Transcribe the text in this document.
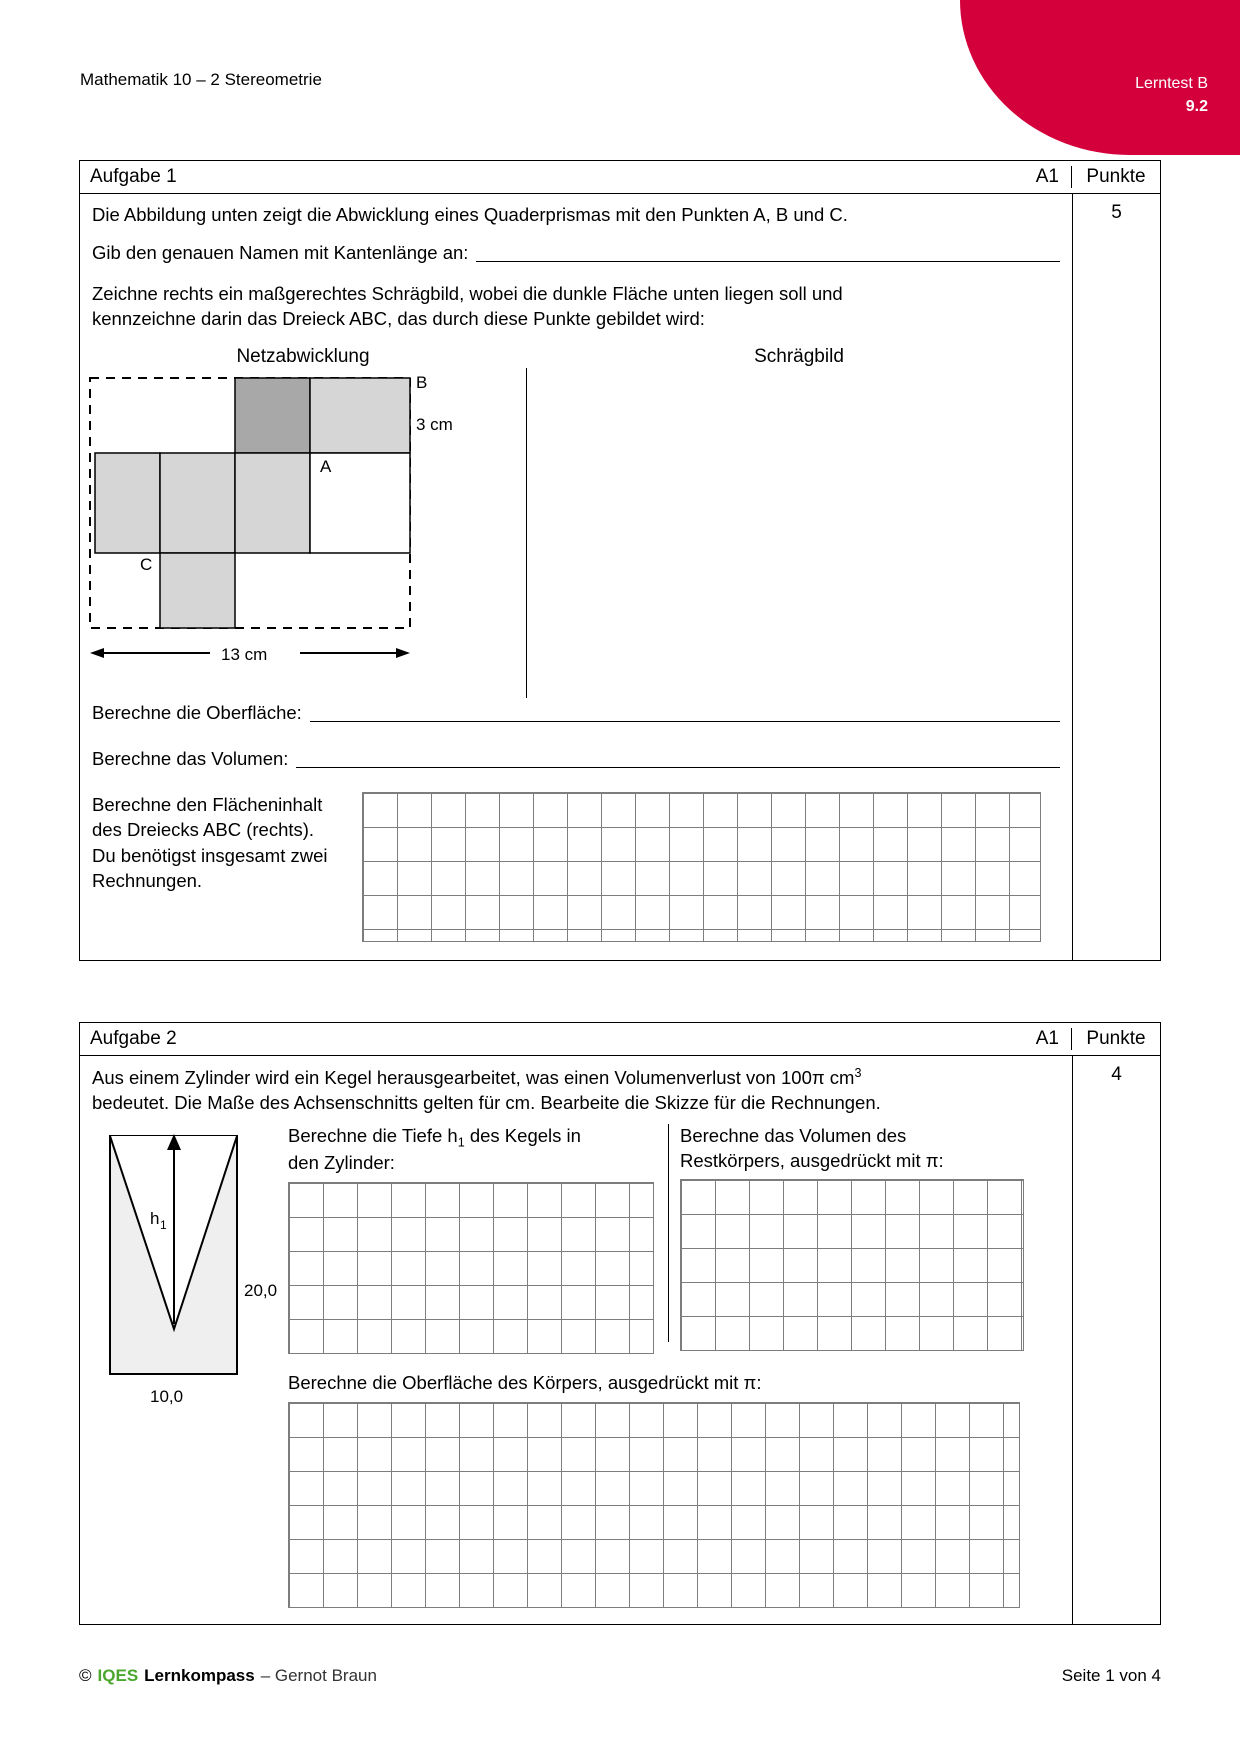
Lerntest B
9.2
Mathematik 10 – 2 Stereometrie
Aufgabe 1	A1	Punkte
Die Abbildung unten zeigt die Abwicklung eines Quaderprismas mit den Punkten A, B und C.
Gib den genauen Namen mit Kantenlänge an:
Zeichne rechts ein maßgerechtes Schrägbild, wobei die dunkle Fläche unten liegen soll und
kennzeichne darin das Dreieck ABC, das durch diese Punkte gebildet wird:
Netzabwicklung	Schrägbild
B
3 cm
A
C
13 cm
Berechne die Oberfläche:
Berechne das Volumen:
Berechne den Flächeninhalt
des Dreiecks ABC (rechts).
Du benötigst insgesamt zwei
Rechnungen.
5
Aufgabe 2	A1	Punkte
Aus einem Zylinder wird ein Kegel herausgearbeitet, was einen Volumenverlust von 100π $cm^3$
bedeutet. Die Maße des Achsenschnitts gelten für cm. Bearbeite die Skizze für die Rechnungen.
h 1
20,0
10,0
Berechne die Tiefe $h_1$ des Kegels in
den Zylinder:
Berechne das Volumen des
Restkörpers, ausgedrückt mit π:
Berechne die Oberfläche des Körpers, ausgedrückt mit π:
4
© IQES Lernkompass – Gernot Braun	Seite 1 von 4
